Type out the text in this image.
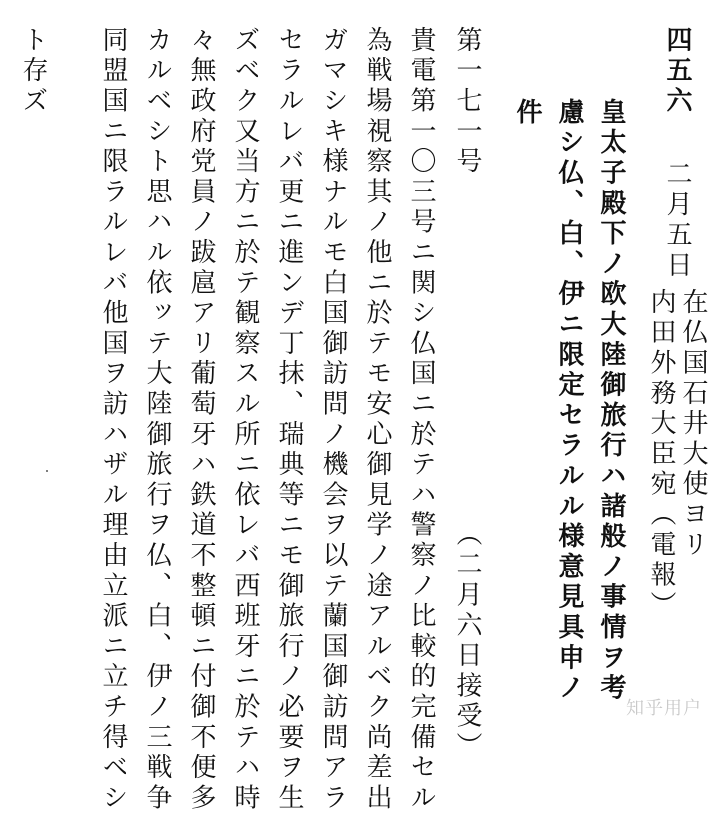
四五六
二月五日
在仏国石井大使ヨリ
内田外務大臣宛（電報）
皇太子殿下ノ欧大陸御旅行ハ諸般ノ事情ヲ考
慮シ仏、白、伊ニ限定セラルル様意見具申ノ
件
第一七一号
（二月六日接受）
貴電第一〇三号ニ関シ仏国ニ於テハ警察ノ比較的完備セル
為戦場視察其ノ他ニ於テモ安心御見学ノ途アルベク尚差出
ガマシキ様ナルモ白国御訪問ノ機会ヲ以テ蘭国御訪問アラ
セラルレバ更ニ進ンデ丁抹、瑞典等ニモ御旅行ノ必要ヲ生
ズベク又当方ニ於テ観察スル所ニ依レバ西班牙ニ於テハ時
々無政府党員ノ跋扈アリ葡萄牙ハ鉄道不整頓ニ付御不便多
カルベシト思ハル依ッテ大陸御旅行ヲ仏、白、伊ノ三戦争
同盟国ニ限ラルレバ他国ヲ訪ハザル理由立派ニ立チ得ベシ
ト存ズ
知乎用户
